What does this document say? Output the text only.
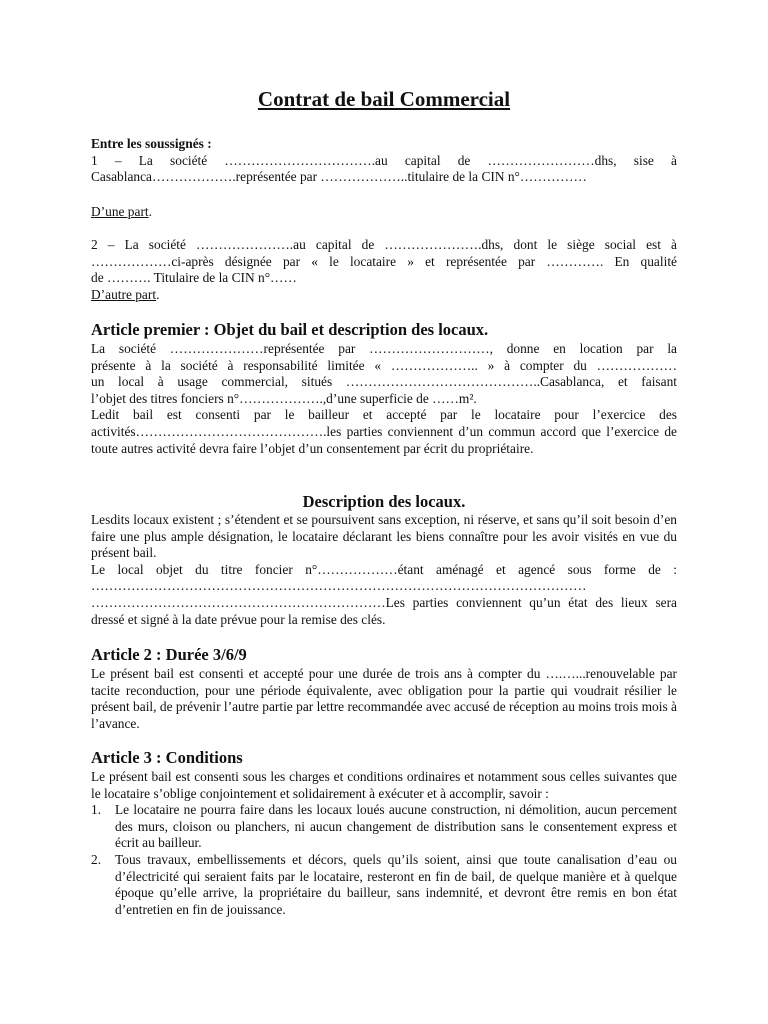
Contrat de bail Commercial
Entre les soussignés :
1 – La société …………………………….au capital de ……………………dhs, sise à
Casablanca……………….représentée par ………………..titulaire de la CIN n°……………
D’une part.
2 – La société ………………….au capital de ………………….dhs, dont le siège social est à
………………ci-après désignée par « le locataire » et représentée par …………. En qualité
de ………. Titulaire de la CIN n°……
D’autre part.
Article premier : Objet du bail et description des locaux.
La société …………………représentée par ………………………, donne en location par la
présente à la société à responsabilité limitée « ……………….. » à compter du ………………
un local à usage commercial, situés ……………………………………..Casablanca, et faisant
l’objet des titres fonciers n°……………….,d’une superficie de ……m².
Ledit bail est consenti par le bailleur et accepté par le locataire pour l’exercice des activités…………………………………….les parties conviennent d’un commun accord que l’exercice de toute autres activité devra faire l’objet d’un consentement par écrit du propriétaire.
Description des locaux.
Lesdits locaux existent ; s’étendent et se poursuivent sans exception, ni réserve, et sans qu’il soit besoin d’en faire une plus ample désignation, le locataire déclarant les biens connaître pour les avoir visités en vue du présent bail.
Le local objet du titre foncier n°………………étant aménagé et agencé sous forme de :
…………………………………………………………………………………………………
…………………………………………………………Les parties conviennent qu’un état des lieux sera dressé et signé à la date prévue pour la remise des clés.
Article 2 : Durée 3/6/9
Le présent bail est consenti et accepté pour une durée de trois ans à compter du ….…...renouvelable par tacite reconduction, pour une période équivalente, avec obligation pour la partie qui voudrait résilier le présent bail, de prévenir l’autre partie par lettre recommandée avec accusé de réception au moins trois mois à l’avance.
Article 3 : Conditions
Le présent bail est consenti sous les charges et conditions ordinaires et notamment sous celles suivantes que le locataire s’oblige conjointement et solidairement à exécuter et à accomplir, savoir :
1. Le locataire ne pourra faire dans les locaux loués aucune construction, ni démolition, aucun percement des murs, cloison ou planchers, ni aucun changement de distribution sans le consentement express et écrit au bailleur.
2. Tous travaux, embellissements et décors, quels qu’ils soient, ainsi que toute canalisation d’eau ou d’électricité qui seraient faits par le locataire, resteront en fin de bail, de quelque manière et à quelque époque qu’elle arrive, la propriétaire du bailleur, sans indemnité, et devront être remis en bon état d’entretien en fin de jouissance.
